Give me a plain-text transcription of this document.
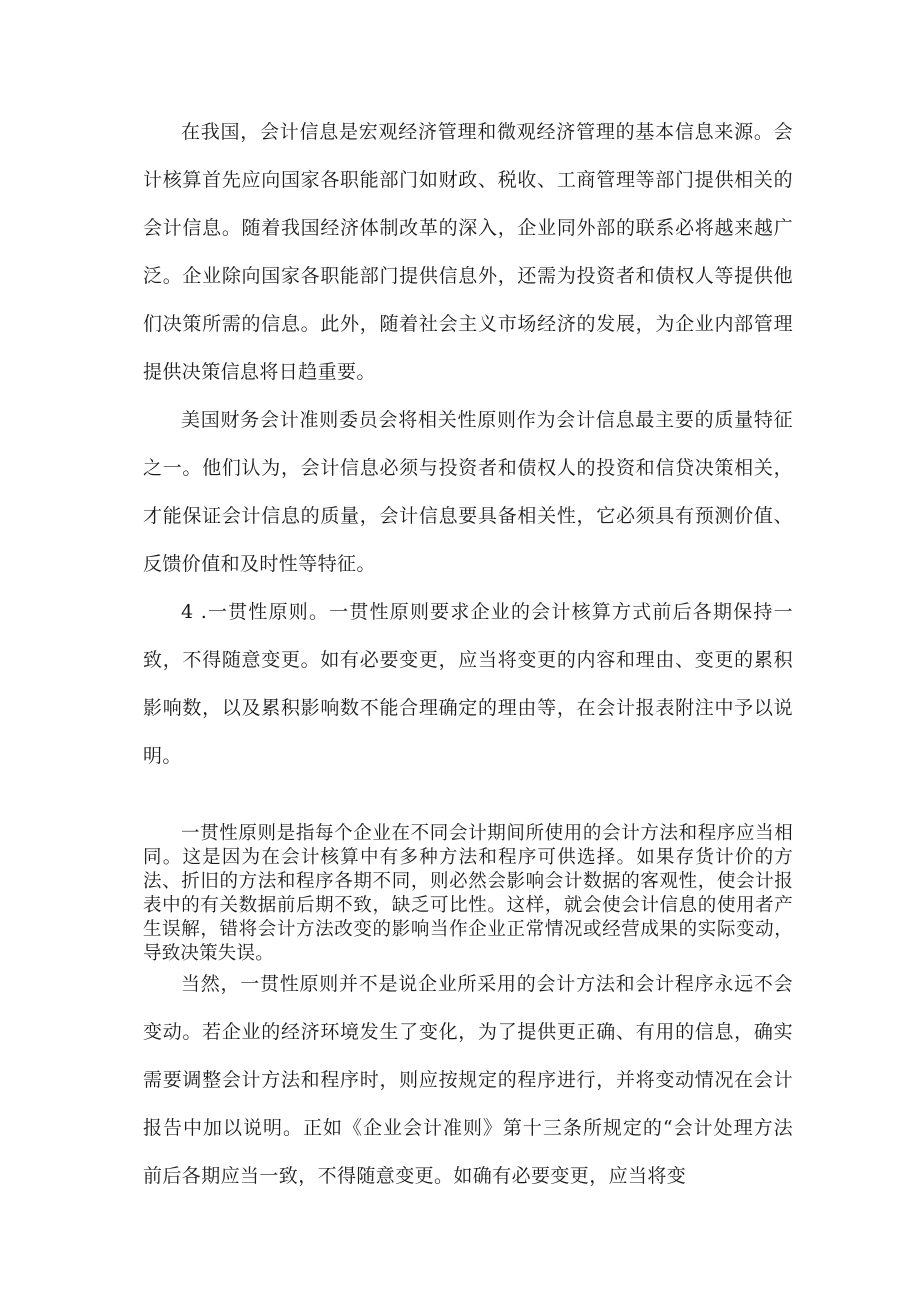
在我国，会计信息是宏观经济管理和微观经济管理的基本信息来源。会计核算首先应向国家各职能部门如财政、税收、工商管理等部门提供相关的会计信息。随着我国经济体制改革的深入，企业同外部的联系必将越来越广泛。企业除向国家各职能部门提供信息外，还需为投资者和债权人等提供他们决策所需的信息。此外，随着社会主义市场经济的发展，为企业内部管理提供决策信息将日趋重要。

美国财务会计准则委员会将相关性原则作为会计信息最主要的质量特征之一。他们认为，会计信息必须与投资者和债权人的投资和信贷决策相关，才能保证会计信息的质量，会计信息要具备相关性，它必须具有预测价值、反馈价值和及时性等特征。

4 .一贯性原则。一贯性原则要求企业的会计核算方式前后各期保持一致，不得随意变更。如有必要变更，应当将变更的内容和理由、变更的累积影响数，以及累积影响数不能合理确定的理由等，在会计报表附注中予以说明。

一贯性原则是指每个企业在不同会计期间所使用的会计方法和程序应当相同。这是因为在会计核算中有多种方法和程序可供选择。如果存货计价的方法、折旧的方法和程序各期不同，则必然会影响会计数据的客观性，使会计报表中的有关数据前后期不致，缺乏可比性。这样，就会使会计信息的使用者产生误解，错将会计方法改变的影响当作企业正常情况或经营成果的实际变动，导致决策失误。

当然，一贯性原则并不是说企业所采用的会计方法和会计程序永远不会变动。若企业的经济环境发生了变化，为了提供更正确、有用的信息，确实需要调整会计方法和程序时，则应按规定的程序进行，并将变动情况在会计报告中加以说明。正如《企业会计准则》第十三条所规定的“会计处理方法前后各期应当一致，不得随意变更。如确有必要变更，应当将变
